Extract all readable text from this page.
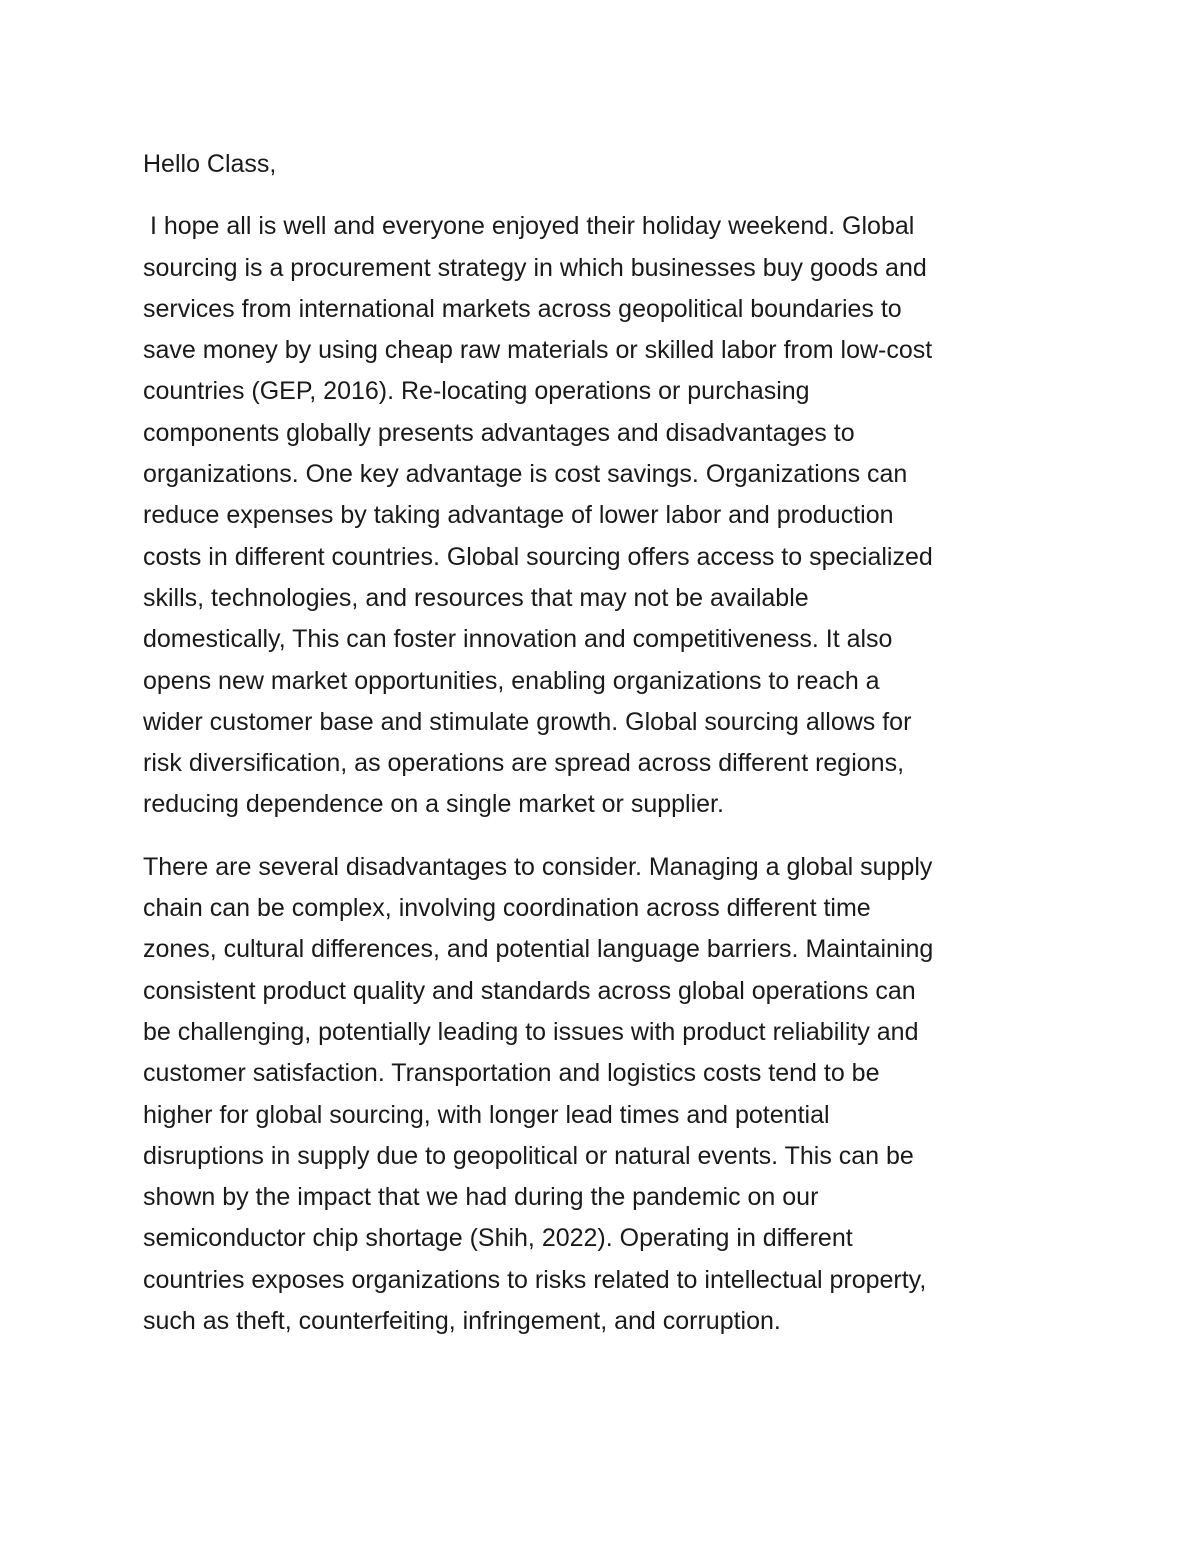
Hello Class,
I hope all is well and everyone enjoyed their holiday weekend. Global
sourcing is a procurement strategy in which businesses buy goods and
services from international markets across geopolitical boundaries to
save money by using cheap raw materials or skilled labor from low-cost
countries (GEP, 2016). Re-locating operations or purchasing
components globally presents advantages and disadvantages to
organizations. One key advantage is cost savings. Organizations can
reduce expenses by taking advantage of lower labor and production
costs in different countries. Global sourcing offers access to specialized
skills, technologies, and resources that may not be available
domestically, This can foster innovation and competitiveness. It also
opens new market opportunities, enabling organizations to reach a
wider customer base and stimulate growth. Global sourcing allows for
risk diversification, as operations are spread across different regions,
reducing dependence on a single market or supplier.
There are several disadvantages to consider. Managing a global supply
chain can be complex, involving coordination across different time
zones, cultural differences, and potential language barriers. Maintaining
consistent product quality and standards across global operations can
be challenging, potentially leading to issues with product reliability and
customer satisfaction. Transportation and logistics costs tend to be
higher for global sourcing, with longer lead times and potential
disruptions in supply due to geopolitical or natural events. This can be
shown by the impact that we had during the pandemic on our
semiconductor chip shortage (Shih, 2022). Operating in different
countries exposes organizations to risks related to intellectual property,
such as theft, counterfeiting, infringement, and corruption.
